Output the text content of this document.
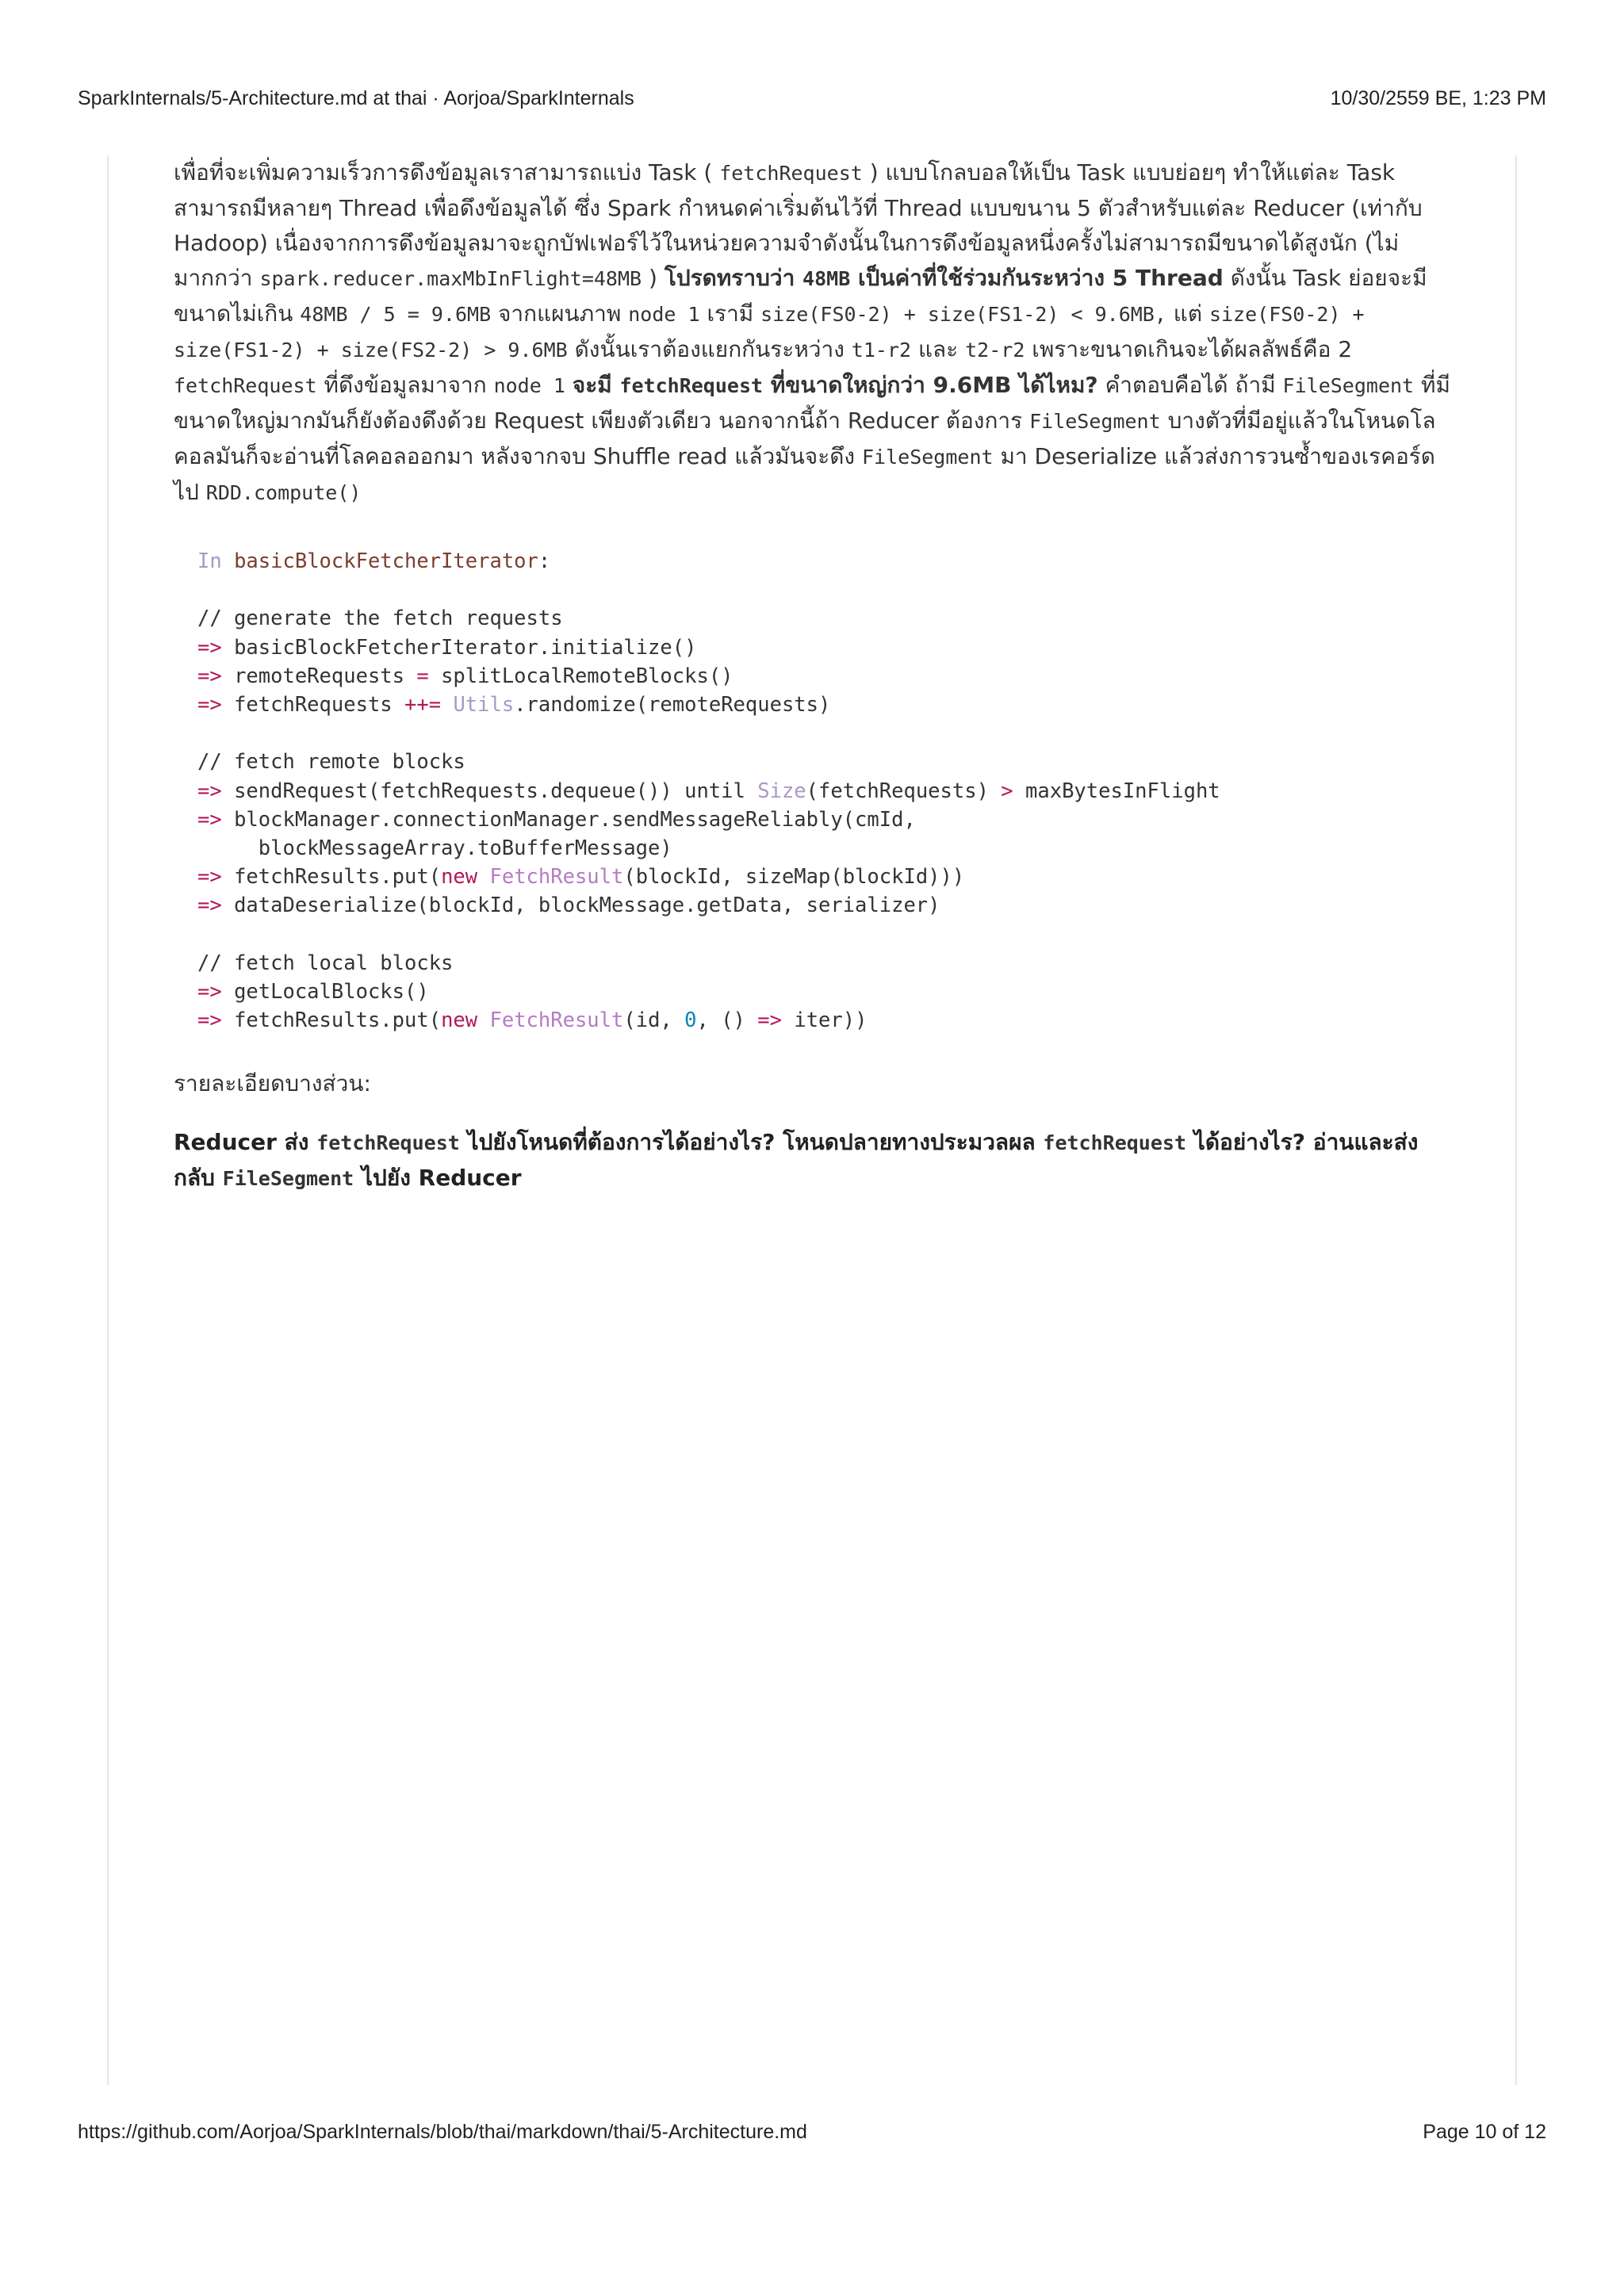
SparkInternals/5-Architecture.md at thai · Aorjoa/SparkInternals	10/30/2559 BE, 1:23 PM

เพื่อที่จะเพิ่มความเร็วการดึงข้อมูลเราสามารถแบ่ง Task ( fetchRequest ) แบบโกลบอลให้เป็น Task แบบย่อยๆ ทำให้แต่ละ Task สามารถมีหลายๆ Thread เพื่อดึงข้อมูลได้ ซึ่ง Spark กำหนดค่าเริ่มต้นไว้ที่ Thread แบบขนาน 5 ตัวสำหรับแต่ละ Reducer (เท่ากับ Hadoop) เนื่องจากการดึงข้อมูลมาจะถูกบัฟเฟอร์ไว้ในหน่วยความจำดังนั้นในการดึงข้อมูลหนึ่งครั้งไม่สามารถมีขนาดได้สูงนัก (ไม่มากกว่า spark.reducer.maxMbInFlight=48MB ) โปรดทราบว่า 48MB เป็นค่าที่ใช้ร่วมกันระหว่าง 5 Thread ดังนั้น Task ย่อยจะมีขนาดไม่เกิน 48MB / 5 = 9.6MB จากแผนภาพ node 1 เรามี size(FS0-2) + size(FS1-2) < 9.6MB, แต่ size(FS0-2) + size(FS1-2) + size(FS2-2) > 9.6MB ดังนั้นเราต้องแยกกันระหว่าง t1-r2 และ t2-r2 เพราะขนาดเกินจะได้ผลลัพธ์คือ 2 fetchRequest ที่ดึงข้อมูลมาจาก node 1 จะมี fetchRequest ที่ขนาดใหญ่กว่า 9.6MB ได้ไหม? คำตอบคือได้ ถ้ามี FileSegment ที่มีขนาดใหญ่มากมันก็ยังต้องดึงด้วย Request เพียงตัวเดียว นอกจากนี้ถ้า Reducer ต้องการ FileSegment บางตัวที่มีอยู่แล้วในโหนดโลคอลมันก็จะอ่านที่โลคอลออกมา หลังจากจบ Shuffle read แล้วมันจะดึง FileSegment มา Deserialize แล้วส่งการวนซ้ำของเรคอร์ดไป RDD.compute()

In basicBlockFetcherIterator:
// generate the fetch requests
=> basicBlockFetcherIterator.initialize()
=> remoteRequests = splitLocalRemoteBlocks()
=> fetchRequests ++= Utils.randomize(remoteRequests)
// fetch remote blocks
=> sendRequest(fetchRequests.dequeue()) until Size(fetchRequests) > maxBytesInFlight
=> blockManager.connectionManager.sendMessageReliably(cmId,
blockMessageArray.toBufferMessage)
=> fetchResults.put(new FetchResult(blockId, sizeMap(blockId)))
=> dataDeserialize(blockId, blockMessage.getData, serializer)
// fetch local blocks
=> getLocalBlocks()
=> fetchResults.put(new FetchResult(id, 0, () => iter))

รายละเอียดบางส่วน:

Reducer ส่ง fetchRequest ไปยังโหนดที่ต้องการได้อย่างไร? โหนดปลายทางประมวลผล fetchRequest ได้อย่างไร? อ่านและส่งกลับ FileSegment ไปยัง Reducer

https://github.com/Aorjoa/SparkInternals/blob/thai/markdown/thai/5-Architecture.md	Page 10 of 12
